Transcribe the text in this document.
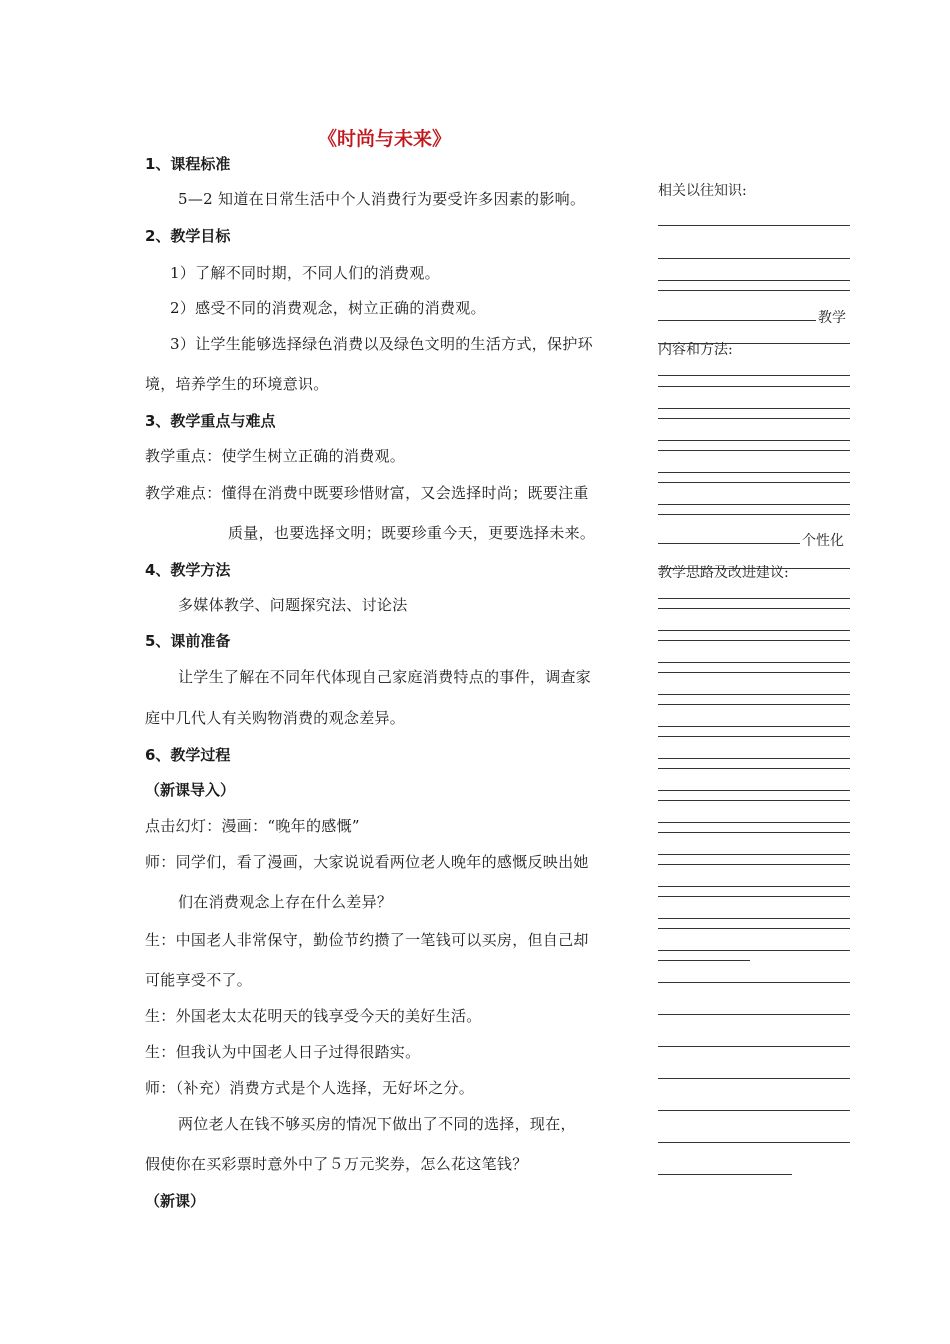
《时尚与未来》
1、课程标准
5—2 知道在日常生活中个人消费行为要受许多因素的影响。
2、教学目标
1）了解不同时期，不同人们的消费观。
2）感受不同的消费观念，树立正确的消费观。
3）让学生能够选择绿色消费以及绿色文明的生活方式，保护环
境，培养学生的环境意识。
3、教学重点与难点
教学重点：使学生树立正确的消费观。
教学难点：懂得在消费中既要珍惜财富，又会选择时尚；既要注重
质量，也要选择文明；既要珍重今天，更要选择未来。
4、教学方法
多媒体教学、问题探究法、讨论法
5、课前准备
让学生了解在不同年代体现自己家庭消费特点的事件，调查家
庭中几代人有关购物消费的观念差异。
6、教学过程
（新课导入）
点击幻灯：漫画：“晚年的感慨”
师：同学们，看了漫画，大家说说看两位老人晚年的感慨反映出她
们在消费观念上存在什么差异？
生：中国老人非常保守，勤俭节约攒了一笔钱可以买房，但自己却
可能享受不了。
生：外国老太太花明天的钱享受今天的美好生活。
生：但我认为中国老人日子过得很踏实。
师：（补充）消费方式是个人选择，无好坏之分。
两位老人在钱不够买房的情况下做出了不同的选择，现在，
假使你在买彩票时意外中了５万元奖券，怎么花这笔钱？
（新课）
相关以往知识:
教学
内容和方法:
个性化
教学思路及改进建议:
